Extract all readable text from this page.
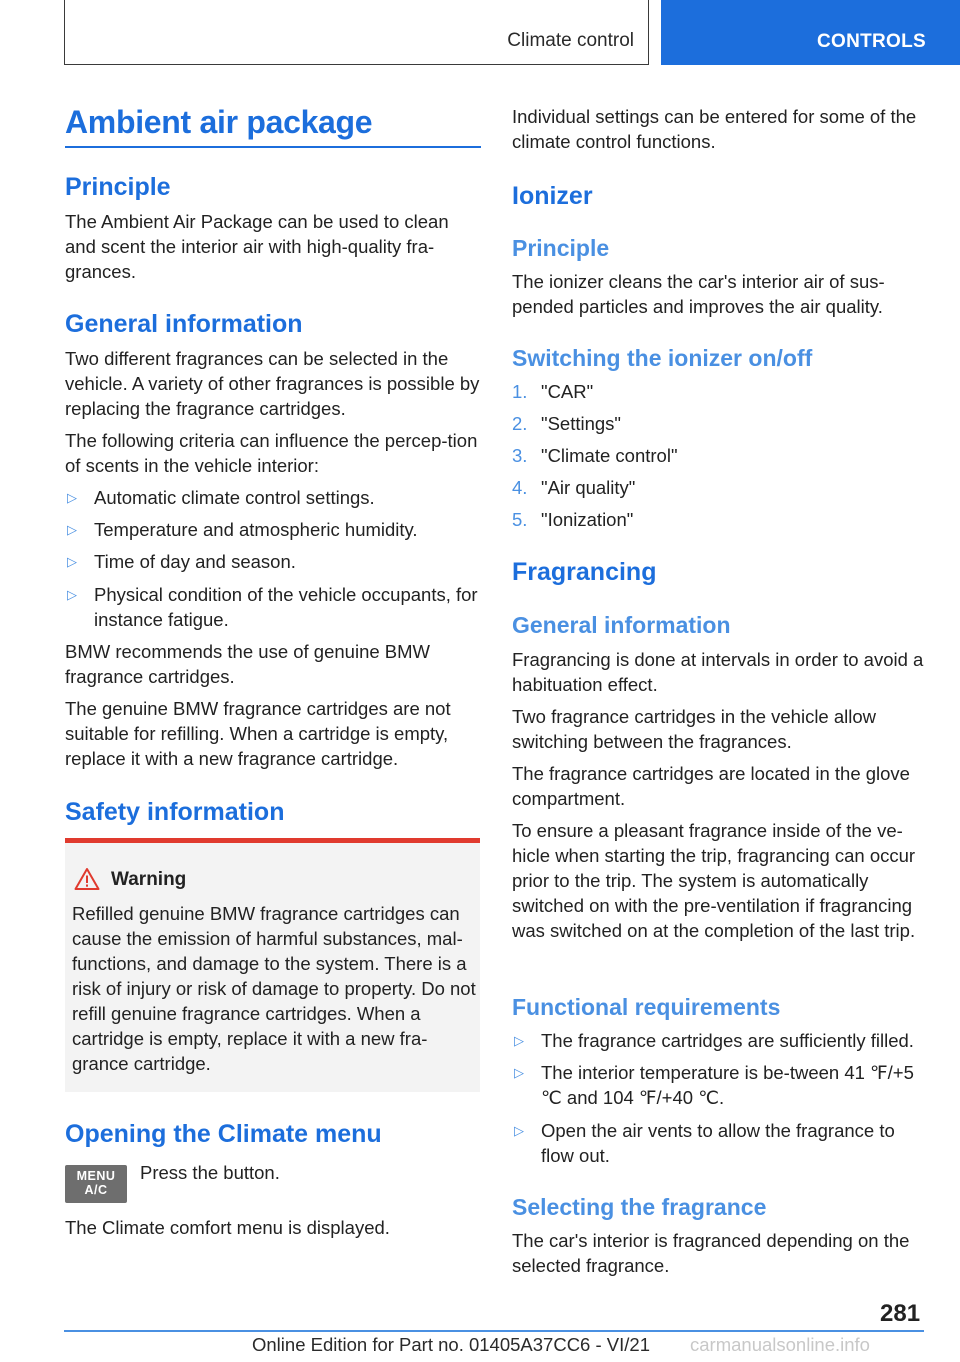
Climate control	CONTROLS
Ambient air package
Principle

The Ambient Air Package can be used to clean and scent the interior air with high-quality fra-grances.

General information

Two different fragrances can be selected in the vehicle. A variety of other fragrances is possible by replacing the fragrance cartridges.

The following criteria can influence the percep-tion of scents in the vehicle interior:

▷ Automatic climate control settings.
▷ Temperature and atmospheric humidity.
▷ Time of day and season.
▷ Physical condition of the vehicle occupants, for instance fatigue.

BMW recommends the use of genuine BMW fragrance cartridges.

The genuine BMW fragrance cartridges are not suitable for refilling. When a cartridge is empty, replace it with a new fragrance cartridge.

Safety information
Warning
Refilled genuine BMW fragrance cartridges can cause the emission of harmful substances, mal-functions, and damage to the system. There is a risk of injury or risk of damage to property. Do not refill genuine fragrance cartridges. When a cartridge is empty, replace it with a new fra-grance cartridge.
Opening the Climate menu

Press the button.

The Climate comfort menu is displayed.

MENU
A/C

Individual settings can be entered for some of the climate control functions.

Ionizer
Principle

The ionizer cleans the car's interior air of sus-pended particles and improves the air quality.

Switching the ionizer on/off
1. "CAR"
2. "Settings"
3. "Climate control"
4. "Air quality"
5. "Ionization"
Fragrancing
General information

Fragrancing is done at intervals in order to avoid a habituation effect.

Two fragrance cartridges in the vehicle allow switching between the fragrances.

The fragrance cartridges are located in the glove compartment.

To ensure a pleasant fragrance inside of the ve-hicle when starting the trip, fragrancing can occur prior to the trip. The system is automatically switched on with the pre-ventilation if fragrancing was switched on at the completion of the last trip.

Functional requirements
▷ The fragrance cartridges are sufficiently filled.
▷ The interior temperature is be-tween 41 ℉/+5 ℃ and 104 ℉/+40 ℃.
▷ Open the air vents to allow the fragrance to flow out.
Selecting the fragrance

The car's interior is fragranced depending on the selected fragrance.

281
Online Edition for Part no. 01405A37CC6 - VI/21 carmanualsonline.info
